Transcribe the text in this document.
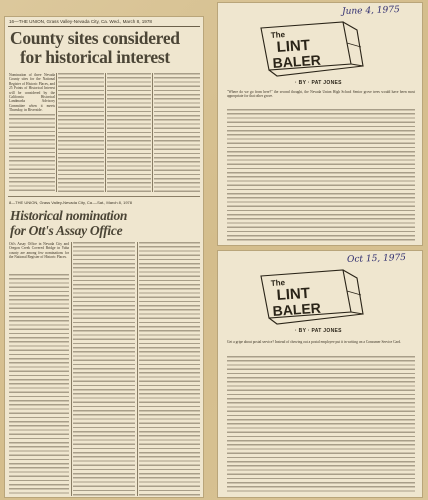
16—THE UNION, Grass Valley-Nevada City, Ca. Wed., March 8, 1978
County sites considered
for historical interest
Nomination of three Nevada County sites for the National Register of Historic Places, and 25 Points of Historical Interest will be considered by the California Historical Landmarks Advisory Committee when it meets Thursday, in Riverside.
8—THE UNION, Grass Valley-Nevada City, Ca.—Sat., March 8, 1978
Historical nomination
for Ott's Assay Office
Ott's Assay Office in Nevada City and Oregon Creek Covered Bridge in Yuba county are among few nominations for the National Register of Historic Places.
June 4, 1975
The
LINT
BALER
· BY · PAT JONES
"Where do we go from here?" the second thought, the Nevada Union High School Senior grove trees would have been most appropriate for that other grove.
Oct 15, 1975
The
LINT
BALER
· BY · PAT JONES
Get a gripe about postal service? Instead of chewing out a postal employee put it in writing on a Consumer Service Card.
